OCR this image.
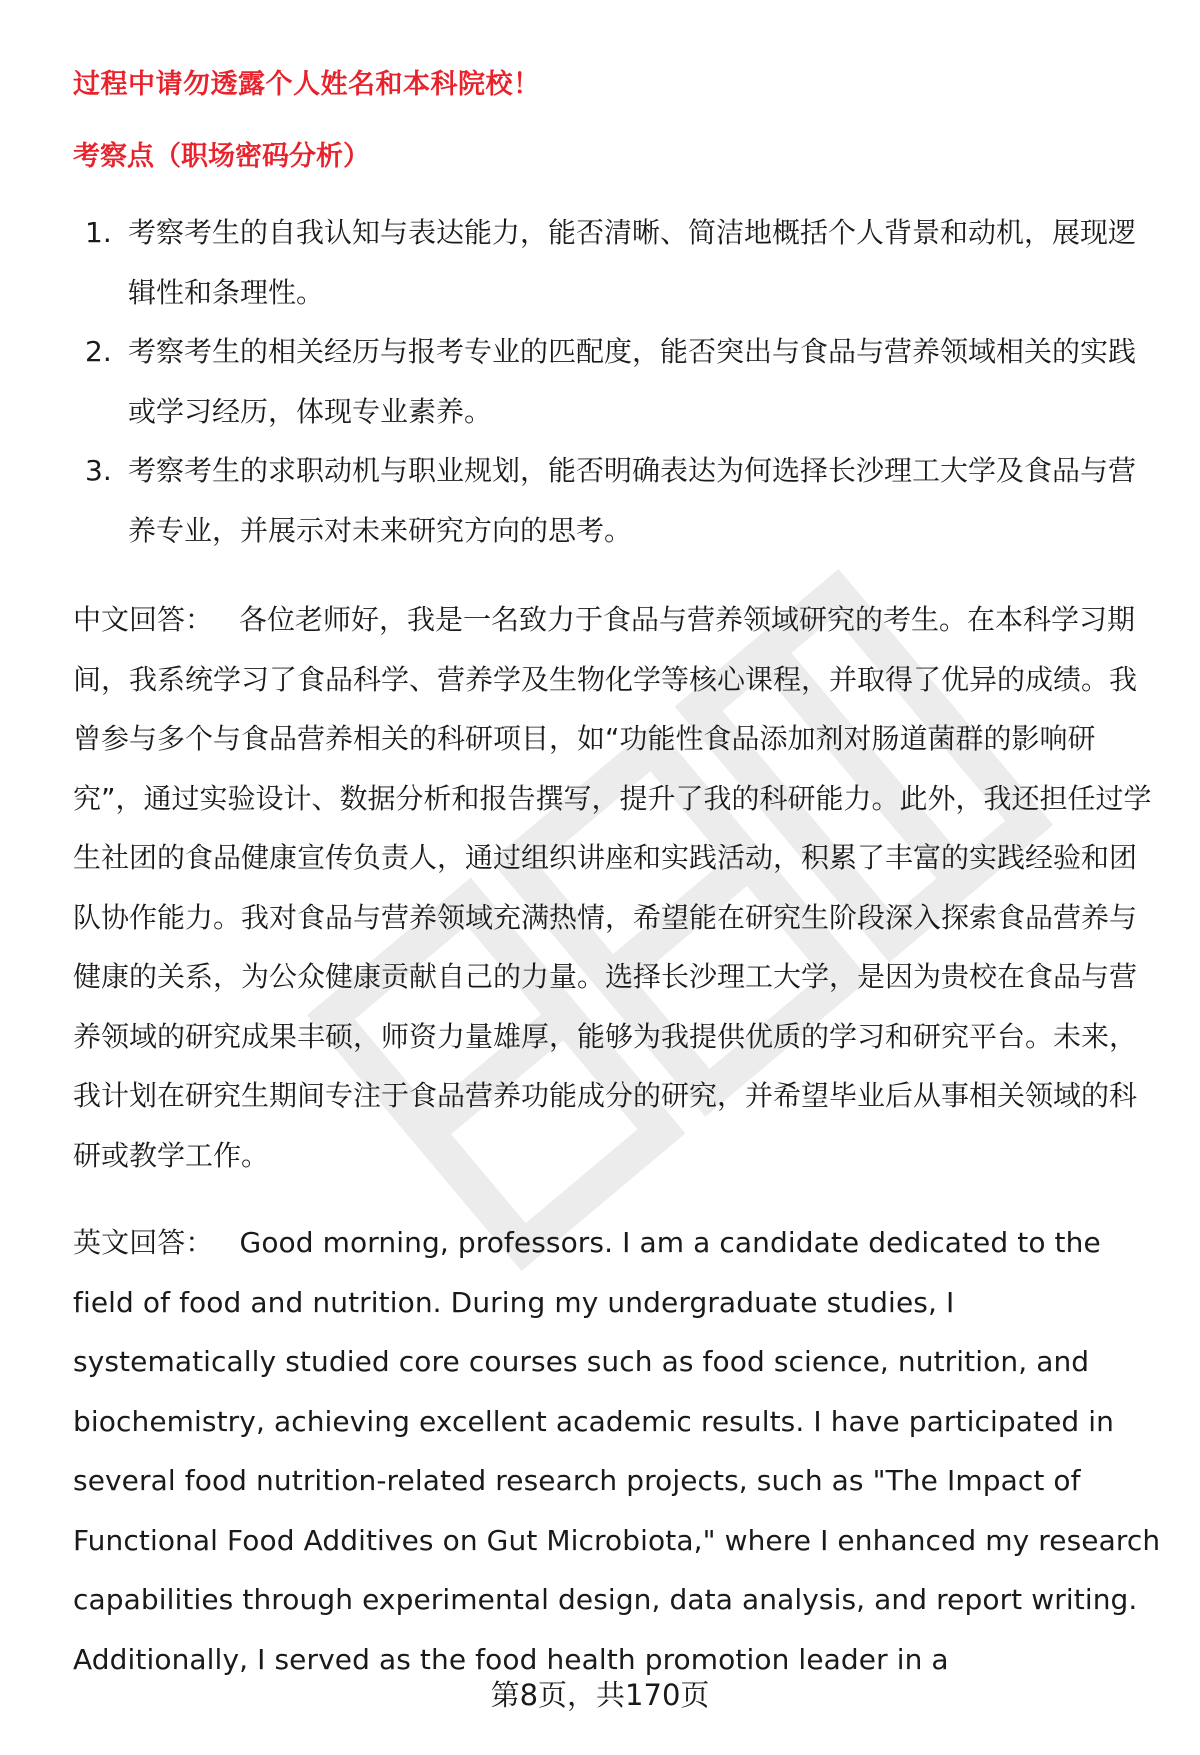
过程中请勿透露个人姓名和本科院校！
考察点（职场密码分析）
1. 考察考生的自我认知与表达能力，能否清晰、简洁地概括个人背景和动机，展现逻辑性和条理性。
2. 考察考生的相关经历与报考专业的匹配度，能否突出与食品与营养领域相关的实践或学习经历，体现专业素养。
3. 考察考生的求职动机与职业规划，能否明确表达为何选择长沙理工大学及食品与营养专业，并展示对未来研究方向的思考。

中文回答： 各位老师好，我是一名致力于食品与营养领域研究的考生。在本科学习期间，我系统学习了食品科学、营养学及生物化学等核心课程，并取得了优异的成绩。我曾参与多个与食品营养相关的科研项目，如“功能性食品添加剂对肠道菌群的影响研究”，通过实验设计、数据分析和报告撰写，提升了我的科研能力。此外，我还担任过学生社团的食品健康宣传负责人，通过组织讲座和实践活动，积累了丰富的实践经验和团队协作能力。我对食品与营养领域充满热情，希望能在研究生阶段深入探索食品营养与健康的关系，为公众健康贡献自己的力量。选择长沙理工大学，是因为贵校在食品与营养领域的研究成果丰硕，师资力量雄厚，能够为我提供优质的学习和研究平台。未来，我计划在研究生期间专注于食品营养功能成分的研究，并希望毕业后从事相关领域的科研或教学工作。

英文回答： Good morning, professors. I am a candidate dedicated to the field of food and nutrition. During my undergraduate studies, I systematically studied core courses such as food science, nutrition, and biochemistry, achieving excellent academic results. I have participated in several food nutrition-related research projects, such as "The Impact of Functional Food Additives on Gut Microbiota," where I enhanced my research capabilities through experimental design, data analysis, and report writing. Additionally, I served as the food health promotion leader in a

第8页，共170页
